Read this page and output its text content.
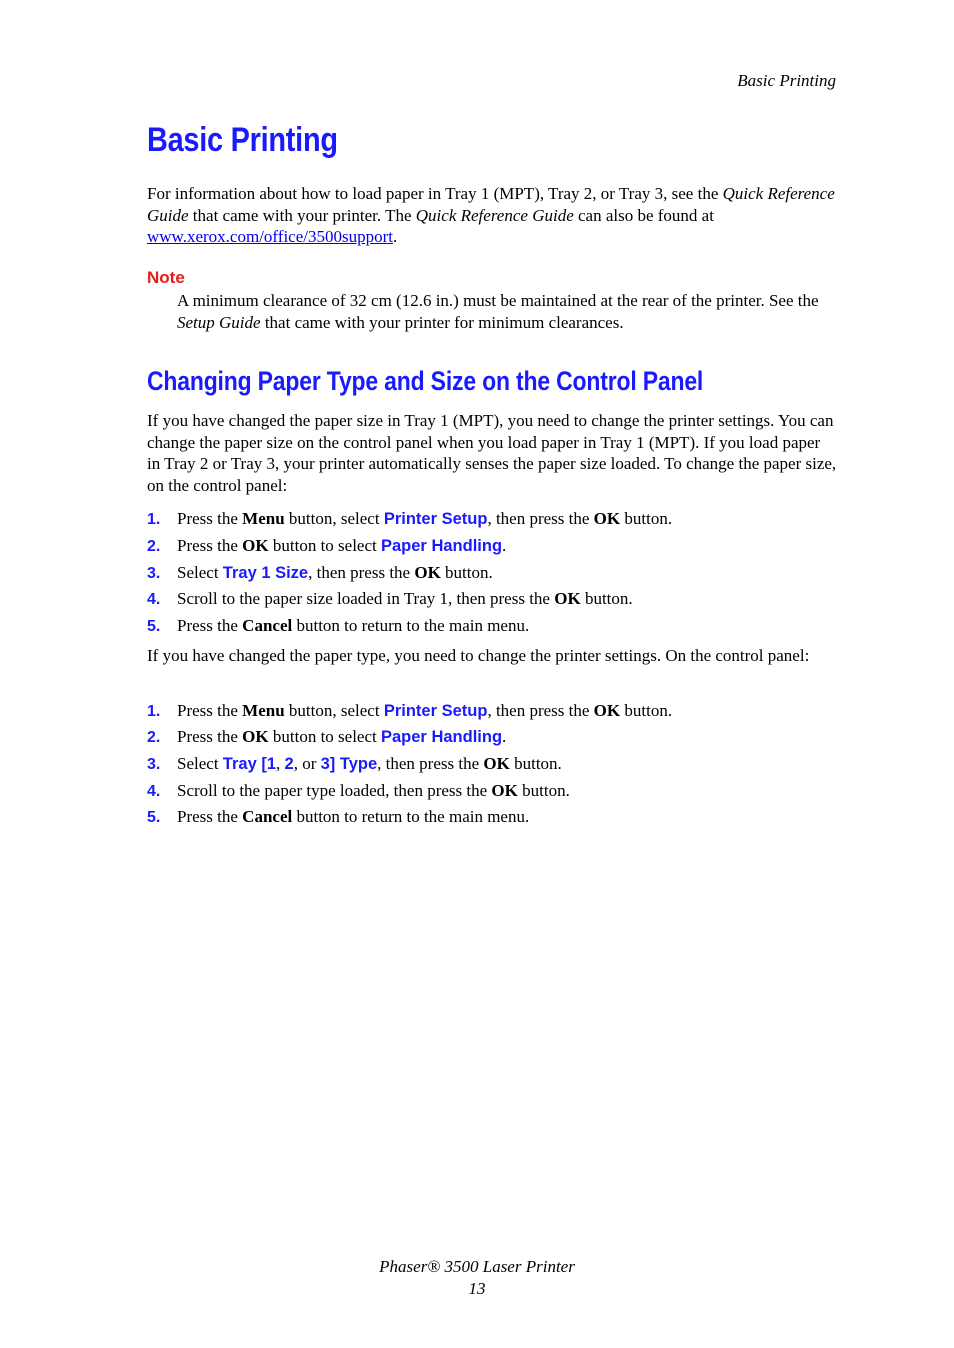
Basic Printing
Basic Printing

For information about how to load paper in Tray 1 (MPT), Tray 2, or Tray 3, see the Quick Reference Guide that came with your printer. The Quick Reference Guide can also be found at www.xerox.com/office/3500support.

Note

A minimum clearance of 32 cm (12.6 in.) must be maintained at the rear of the printer. See the Setup Guide that came with your printer for minimum clearances.

Changing Paper Type and Size on the Control Panel

If you have changed the paper size in Tray 1 (MPT), you need to change the printer settings. You can change the paper size on the control panel when you load paper in Tray 1 (MPT). If you load paper in Tray 2 or Tray 3, your printer automatically senses the paper size loaded. To change the paper size, on the control panel:

1. Press the Menu button, select Printer Setup, then press the OK button.
2. Press the OK button to select Paper Handling.
3. Select Tray 1 Size, then press the OK button.
4. Scroll to the paper size loaded in Tray 1, then press the OK button.
5. Press the Cancel button to return to the main menu.

If you have changed the paper type, you need to change the printer settings. On the control panel:

1. Press the Menu button, select Printer Setup, then press the OK button.
2. Press the OK button to select Paper Handling.
3. Select Tray [1, 2, or 3] Type, then press the OK button.
4. Scroll to the paper type loaded, then press the OK button.
5. Press the Cancel button to return to the main menu.
Phaser® 3500 Laser Printer
13
